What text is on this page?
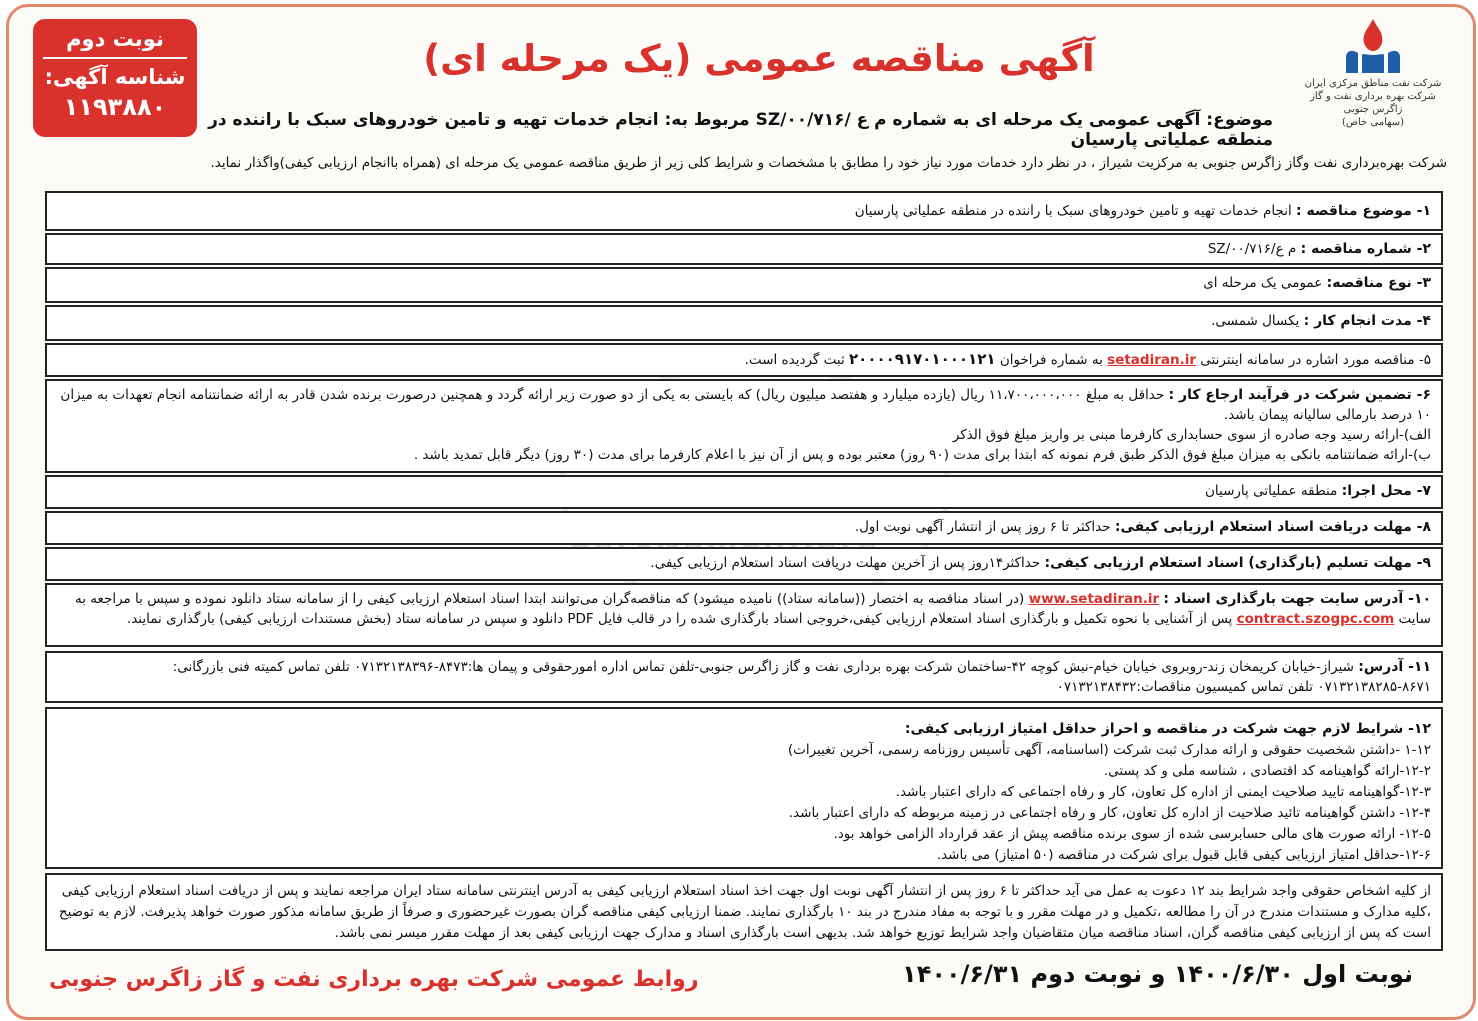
نوبت دوم
شناسه آگهی:
۱۱۹۳۸۸۰
آگهی مناقصه عمومی (یک مرحله ای)
شرکت نفت مناطق مرکزی ایران
شرکت بهره برداری نفت و گاز زاگرس جنوبی
(سهامی خاص)
موضوع: آگهی عمومی یک مرحله ای به شماره م ع /SZ/۰۰/۷۱۶ مربوط به: انجام خدمات تهیه و تامین خودروهای سبک با راننده در منطقه عملیاتی پارسیان
شرکت بهره‌برداری نفت وگاز زاگرس جنوبی به مرکزیت شیراز ، در نظر دارد خدمات مورد نیاز خود را مطابق با مشخصات و شرایط کلی زیر از طریق مناقصه عمومی یک مرحله ای (همراه باانجام ارزیابی کیفی)واگذار نماید.
۱- موضوع مناقصه : انجام خدمات تهیه و تامین خودروهای سبک با راننده در منطقه عملیاتی پارسیان
۲- شماره مناقصه : م ع/SZ/۰۰/۷۱۶
۳- نوع مناقصه: عمومی یک مرحله ای
۴- مدت انجام کار : یکسال شمسی.
۵- مناقصه مورد اشاره در سامانه اینترنتی setadiran.ir به شماره فراخوان ۲۰۰۰۰۹۱۷۰۱۰۰۰۱۲۱ ثبت گردیده است.
۶- تضمین شرکت در فرآیند ارجاع کار : حداقل به مبلغ ۱۱،۷۰۰،۰۰۰،۰۰۰ ریال (یازده میلیارد و هفتصد میلیون ریال) که بایستی به یکی از دو صورت زیر ارائه گردد و همچنین درصورت برنده شدن قادر به ارائه ضمانتنامه انجام تعهدات به میزان ۱۰ درصد بارمالی سالیانه پیمان باشد.
الف)-ارائه رسید وجه صادره از سوی حسابداری کارفرما مبنی بر واریز مبلغ فوق الذکر
ب)-ارائه ضمانتنامه بانکی به میزان مبلغ فوق الذکر طبق فرم نمونه که ابتدا برای مدت (۹۰ روز) معتبر بوده و پس از آن نیز با اعلام کارفرما برای مدت (۳۰ روز) دیگر قابل تمدید باشد .
۷- محل اجرا: منطقه عملیاتی پارسیان
۸- مهلت دریافت اسناد استعلام ارزیابی کیفی: حداکثر تا ۶ روز پس از انتشار آگهی نوبت اول.
۹- مهلت تسلیم (بارگذاری) اسناد استعلام ارزیابی کیفی: حداکثر۱۴روز پس از آخرین مهلت دریافت اسناد استعلام ارزیابی کیفی.
۱۰- آدرس سایت جهت بارگذاری اسناد : www.setadiran.ir (در اسناد مناقصه به اختصار ((سامانه ستاد)) نامیده میشود) که مناقصه‌گران می‌توانند ابتدا اسناد استعلام ارزیابی کیفی را از سامانه ستاد دانلود نموده و سپس با مراجعه به سایت contract.szogpc.com پس از آشنایی با نحوه تکمیل و بارگذاری اسناد استعلام ارزیابی کیفی،خروجی اسناد بارگذاری شده را در قالب فایل PDF دانلود و سپس در سامانه ستاد (بخش مستندات ارزیابی کیفی) بارگذاری نمایند.
۱۱- آدرس: شیراز-خیابان کریمخان زند-روبروی خیابان خیام-نبش کوچه ۴۲-ساختمان شرکت بهره برداری نفت و گاز زاگرس جنوبی-تلفن تماس اداره امورحقوقی و پیمان ها:۸۴۷۳-۰۷۱۳۲۱۳۸۳۹۶ تلفن تماس کمیته فنی بازرگانی: ۸۶۷۱-۰۷۱۳۲۱۳۸۲۸۵ تلفن تماس کمیسیون مناقصات:۰۷۱۳۲۱۳۸۴۳۲
۱۲- شرایط لازم جهت شرکت در مناقصه و احراز حداقل امتیاز ارزیابی کیفی:
۱-۱۲ -داشتن شخصیت حقوقی و ارائه مدارک ثبت شرکت (اساسنامه، آگهی تأسیس روزنامه رسمی، آخرین تغییرات)
۱۲-۲-ارائه گواهینامه کد اقتصادی ، شناسه ملی و کد پستی.
۱۲-۳-گواهینامه تایید صلاحیت ایمنی از اداره کل تعاون، کار و رفاه اجتماعی که دارای اعتبار باشد.
۱۲-۴- داشتن گواهینامه تائید صلاحیت از اداره کل تعاون، کار و رفاه اجتماعی در زمینه مربوطه که دارای اعتبار باشد.
۱۲-۵- ارائه صورت های مالی حسابرسی شده از سوی برنده مناقصه پیش از عقد قرارداد الزامی خواهد بود.
۱۲-۶-حداقل امتیاز ارزیابی کیفی قابل قبول برای شرکت در مناقصه (۵۰ امتیاز) می باشد.
از کلیه اشخاص حقوقی واجد شرایط بند ۱۲ دعوت به عمل می آید حداکثر تا ۶ روز پس از انتشار آگهی نوبت اول جهت اخذ اسناد استعلام ارزیابی کیفی به آدرس اینترنتی سامانه ستاد ایران مراجعه نمایند و پس از دریافت اسناد استعلام ارزیابی کیفی ،کلیه مدارک و مستندات مندرج در آن را مطالعه ،تکمیل و در مهلت مقرر و با توجه به مفاد مندرج در بند ۱۰ بارگذاری نمایند. ضمنا ارزیابی کیفی مناقصه گران بصورت غیرحضوری و صرفاً از طریق سامانه مذکور صورت خواهد پذیرفت. لازم به توضیح است که پس از ارزیابی کیفی مناقصه گران، اسناد مناقصه میان متقاضیان واجد شرایط توزیع خواهد شد. بدیهی است بارگذاری اسناد و مدارک جهت ارزیابی کیفی بعد از مهلت مقرر میسر نمی باشد.
نوبت اول ۱۴۰۰/۶/۳۰ و نوبت دوم ۱۴۰۰/۶/۳۱
روابط عمومی شرکت بهره برداری نفت و گاز زاگرس جنوبی
